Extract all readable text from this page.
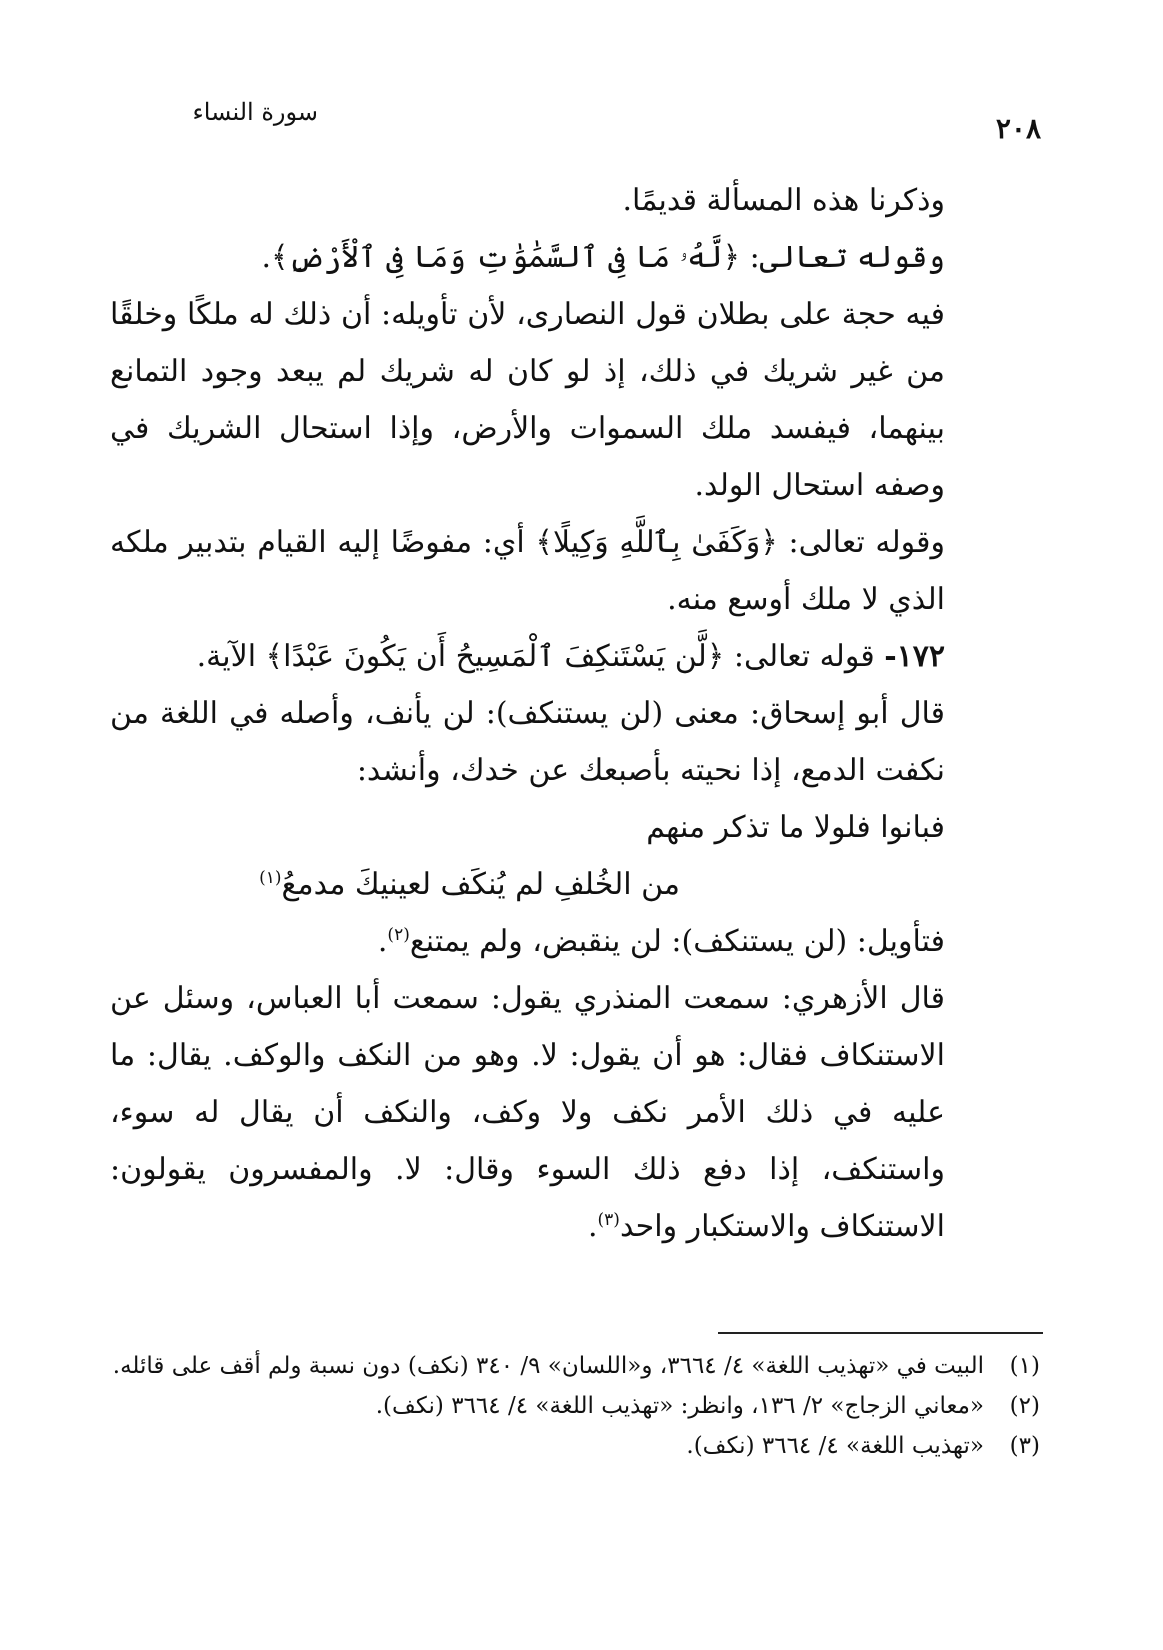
سورة النساء	٢٠٨

وذكرنا هذه المسألة قديمًا.

وقوله تعالى: ﴿لَّهُۥ مَا فِى ٱلسَّمَٰوَٰتِ وَمَا فِى ٱلْأَرْضِ﴾.

فيه حجة على بطلان قول النصارى، لأن تأويله: أن ذلك له ملكًا وخلقًا من غير شريك في ذلك، إذ لو كان له شريك لم يبعد وجود التمانع بينهما، فيفسد ملك السموات والأرض، وإذا استحال الشريك في وصفه استحال الولد.

وقوله تعالى: ﴿وَكَفَىٰ بِٱللَّهِ وَكِيلًا﴾ أي: مفوضًا إليه القيام بتدبير ملكه الذي لا ملك أوسع منه.

١٧٢- قوله تعالى: ﴿لَّن يَسْتَنكِفَ ٱلْمَسِيحُ أَن يَكُونَ عَبْدًا﴾ الآية.

قال أبو إسحاق: معنى (لن يستنكف): لن يأنف، وأصله في اللغة من نكفت الدمع، إذا نحيته بأصبعك عن خدك، وأنشد:

فبانوا فلولا ما تذكر منهم

من الخُلفِ لم يُنكَف لعينيكَ مدمعُ$^{(١)}$

فتأويل: (لن يستنكف): لن ينقبض، ولم يمتنع$^{(٢)}$.

قال الأزهري: سمعت المنذري يقول: سمعت أبا العباس، وسئل عن الاستنكاف فقال: هو أن يقول: لا. وهو من النكف والوكف. يقال: ما عليه في ذلك الأمر نكف ولا وكف، والنكف أن يقال له سوء، واستنكف، إذا دفع ذلك السوء وقال: لا. والمفسرون يقولون: الاستنكاف والاستكبار واحد$^{(٣)}$.

(١)البيت في «تهذيب اللغة» ٤/ ٣٦٦٤، و«اللسان» ٩/ ٣٤٠ (نكف) دون نسبة ولم أقف على قائله.

(٢)«معاني الزجاج» ٢/ ١٣٦، وانظر: «تهذيب اللغة» ٤/ ٣٦٦٤ (نكف).

(٣)«تهذيب اللغة» ٤/ ٣٦٦٤ (نكف).
